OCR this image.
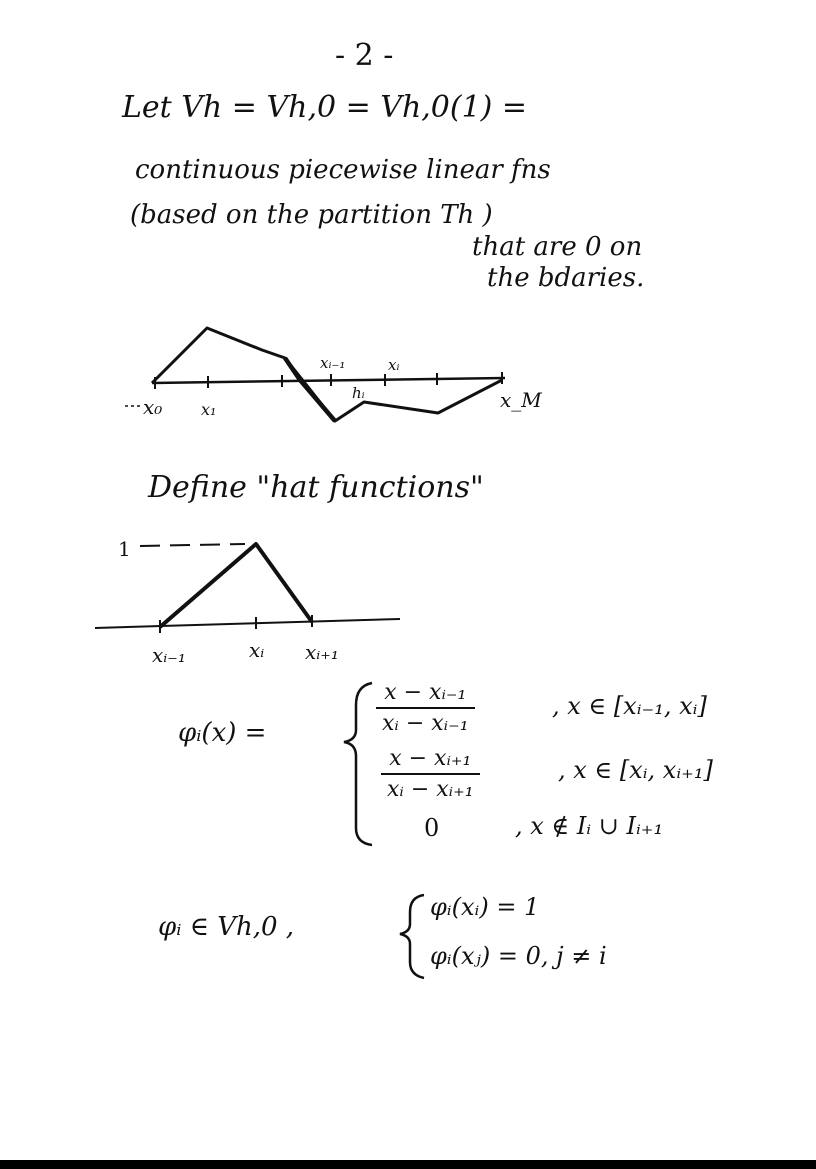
- 2 -
Let Vh = Vh,0 = Vh,0(1) =
continuous piecewise linear fns
(based on the partition Th )
that are 0 on
the bdaries.
x₀ x₁
xᵢ₋₁	xᵢ
hᵢ	x_M
Define "hat functions"
1
xᵢ₋₁	xᵢ xᵢ₊₁
φᵢ(x) =	$\frac{\text{x − xᵢ₋₁}}{\text{xᵢ − xᵢ₋₁}}$	, x ∈ [xᵢ₋₁, xᵢ]
$\frac{\text{x − xᵢ₊₁}}{\text{xᵢ − xᵢ₊₁}}$	, x ∈ [xᵢ, xᵢ₊₁]
0	, x ∉ Iᵢ ∪ Iᵢ₊₁
φᵢ ∈ Vh,0 ,
φᵢ(xᵢ) = 1
φᵢ(xⱼ) = 0, j ≠ i
